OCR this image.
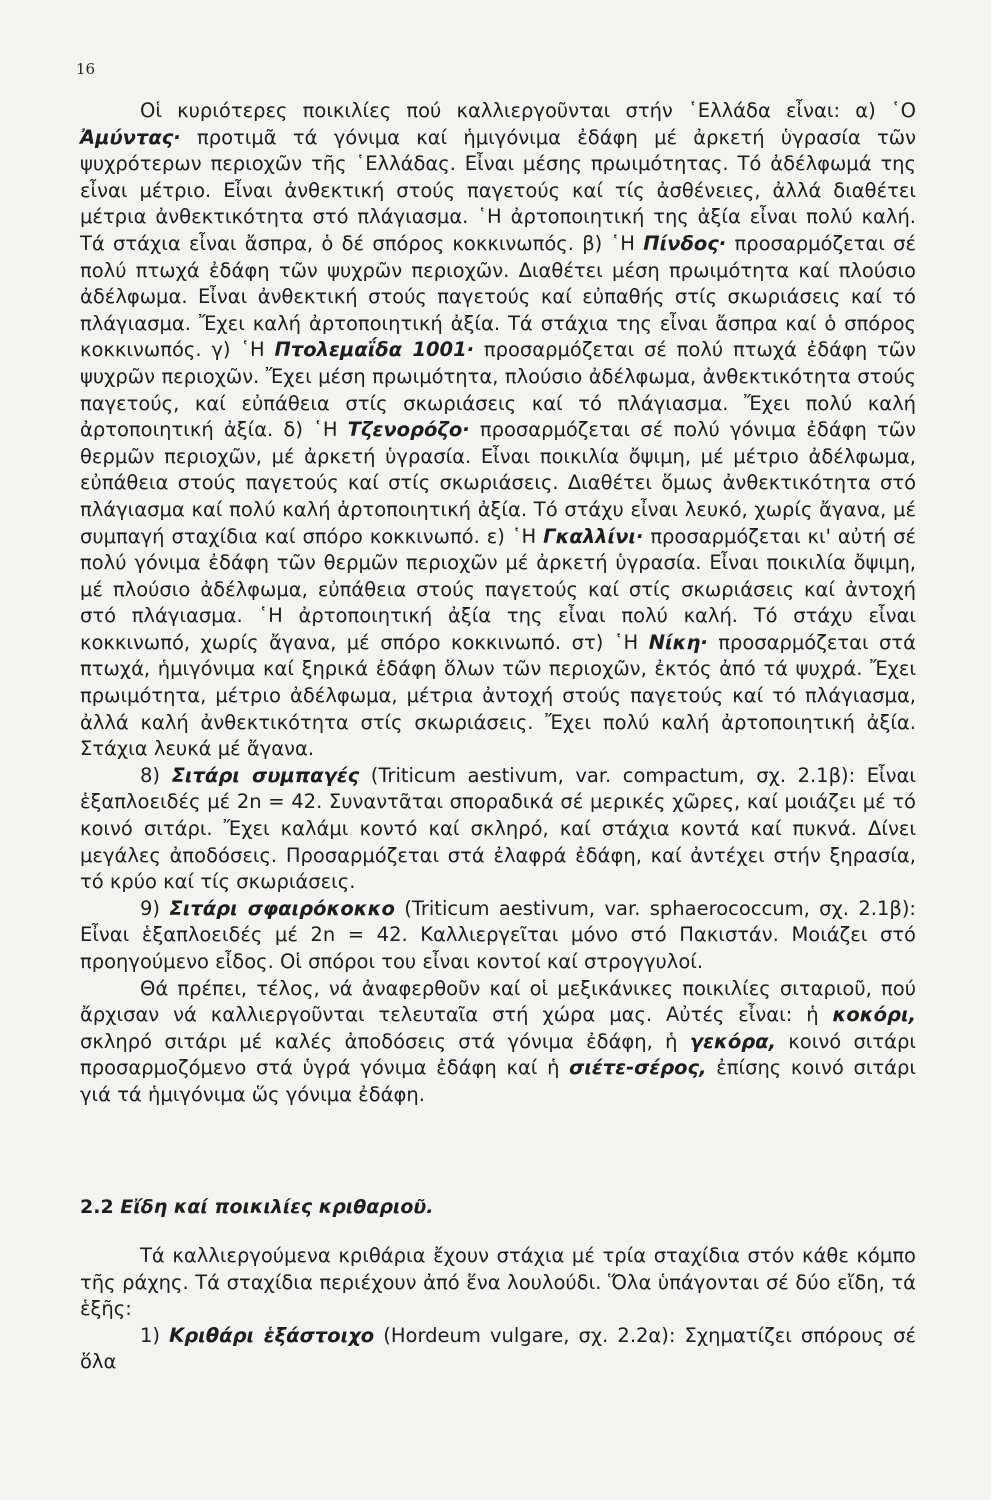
16

Οἱ κυριότερες ποικιλίες πού καλλιεργοῦνται στήν ῾Ελλάδα εἶναι: α) ῾Ο Ἀμύντας· προτιμᾶ τά γόνιμα καί ἡμιγόνιμα ἐδάφη μέ ἀρκετή ὑγρασία τῶν ψυχρότερων περιοχῶν τῆς ῾Ελλάδας. Εἶναι μέσης πρωιμότητας. Τό ἀδέλφωμά της εἶναι μέτριο. Εἶναι ἀνθεκτική στούς παγετούς καί τίς ἀσθένειες, ἀλλά διαθέτει μέτρια ἀνθεκτικότητα στό πλάγιασμα. ῾Η ἀρτοποιητική της ἀξία εἶναι πολύ καλή. Τά στάχια εἶναι ἄσπρα, ὁ δέ σπόρος κοκκινωπός. β) ῾Η Πίνδος· προσαρμόζεται σέ πολύ πτωχά ἐδάφη τῶν ψυχρῶν περιοχῶν. Διαθέτει μέση πρωιμότητα καί πλούσιο ἀδέλφωμα. Εἶναι ἀνθεκτική στούς παγετούς καί εὐπαθής στίς σκωριάσεις καί τό πλάγιασμα. Ἔχει καλή ἀρτοποιητική ἀξία. Τά στάχια της εἶναι ἄσπρα καί ὁ σπόρος κοκκινωπός. γ) ῾Η Πτολεμαΐδα 1001· προσαρμόζεται σέ πολύ πτωχά ἐδάφη τῶν ψυχρῶν περιοχῶν. Ἔχει μέση πρωιμότητα, πλούσιο ἀδέλφωμα, ἀνθεκτικότητα στούς παγετούς, καί εὐπάθεια στίς σκωριάσεις καί τό πλάγιασμα. Ἔχει πολύ καλή ἀρτοποιητική ἀξία. δ) ῾Η Τζενορόζο· προσαρμόζεται σέ πολύ γόνιμα ἐδάφη τῶν θερμῶν περιοχῶν, μέ ἀρκετή ὑγρασία. Εἶναι ποικιλία ὄψιμη, μέ μέτριο ἀδέλφωμα, εὐπάθεια στούς παγετούς καί στίς σκωριάσεις. Διαθέτει ὅμως ἀνθεκτικότητα στό πλάγιασμα καί πολύ καλή ἀρτοποιητική ἀξία. Τό στάχυ εἶναι λευκό, χωρίς ἄγανα, μέ συμπαγή σταχίδια καί σπόρο κοκκινωπό. ε) ῾Η Γκαλλίνι· προσαρμόζεται κι' αὐτή σέ πολύ γόνιμα ἐδάφη τῶν θερμῶν περιοχῶν μέ ἀρκετή ὑγρασία. Εἶναι ποικιλία ὄψιμη, μέ πλούσιο ἀδέλφωμα, εὐπάθεια στούς παγετούς καί στίς σκωριάσεις καί ἀντοχή στό πλάγιασμα. ῾Η ἀρτοποιητική ἀξία της εἶναι πολύ καλή. Τό στάχυ εἶναι κοκκινωπό, χωρίς ἄγανα, μέ σπόρο κοκκινωπό. στ) ῾Η Νίκη· προσαρμόζεται στά πτωχά, ἡμιγόνιμα καί ξηρικά ἐδάφη ὅλων τῶν περιοχῶν, ἐκτός ἀπό τά ψυχρά. Ἔχει πρωιμότητα, μέτριο ἀδέλφωμα, μέτρια ἀντοχή στούς παγετούς καί τό πλάγιασμα, ἀλλά καλή ἀνθεκτικότητα στίς σκωριάσεις. Ἔχει πολύ καλή ἀρτοποιητική ἀξία. Στάχια λευκά μέ ἄγανα.

8) Σιτάρι συμπαγές (Triticum aestivum, var. compactum, σχ. 2.1β): Εἶναι ἑξαπλοειδές μέ 2n = 42. Συναντᾶται σποραδικά σέ μερικές χῶρες, καί μοιάζει μέ τό κοινό σιτάρι. Ἔχει καλάμι κοντό καί σκληρό, καί στάχια κοντά καί πυκνά. Δίνει μεγάλες ἀποδόσεις. Προσαρμόζεται στά ἐλαφρά ἐδάφη, καί ἀντέχει στήν ξηρασία, τό κρύο καί τίς σκωριάσεις.

9) Σιτάρι σφαιρόκοκκο (Triticum aestivum, var. sphaerococcum, σχ. 2.1β): Εἶναι ἑξαπλοειδές μέ 2n = 42. Καλλιεργεῖται μόνο στό Πακιστάν. Μοιάζει στό προηγούμενο εἶδος. Οἱ σπόροι του εἶναι κοντοί καί στρογγυλοί.

Θά πρέπει, τέλος, νά ἀναφερθοῦν καί οἱ μεξικάνικες ποικιλίες σιταριοῦ, πού ἄρχισαν νά καλλιεργοῦνται τελευταῖα στή χώρα μας. Αὐτές εἶναι: ἡ κοκόρι, σκληρό σιτάρι μέ καλές ἀποδόσεις στά γόνιμα ἐδάφη, ἡ γεκόρα, κοινό σιτάρι προσαρμοζόμενο στά ὑγρά γόνιμα ἐδάφη καί ἡ σιέτε-σέρος, ἐπίσης κοινό σιτάρι γιά τά ἡμιγόνιμα ὥς γόνιμα ἐδάφη.

2.2 Εἴδη καί ποικιλίες κριθαριοῦ.

Τά καλλιεργούμενα κριθάρια ἔχουν στάχια μέ τρία σταχίδια στόν κάθε κόμπο τῆς ράχης. Τά σταχίδια περιέχουν ἀπό ἕνα λουλούδι. Ὅλα ὑπάγονται σέ δύο εἴδη, τά ἑξῆς:

1) Κριθάρι ἑξάστοιχο (Hordeum vulgare, σχ. 2.2α): Σχηματίζει σπόρους σέ ὅλα
